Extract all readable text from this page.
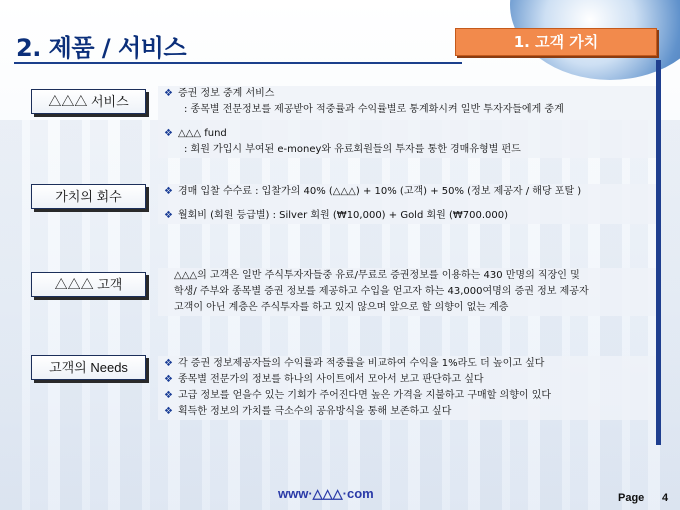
2. 제품 / 서비스	1. 고객 가치
△△△ 서비스
❖ 증권 정보 중계 서비스
: 종목별 전문정보를 제공받아 적중률과 수익률별로 통계화시켜 일반 투자자들에게 중계
❖ △△△ fund
: 회원 가입시 부여된 e-money와 유료회원들의 투자를 통한 경매유형별 펀드
가치의 회수	❖ 경매 입찰 수수료 : 입찰가의 40% (△△△) + 10% (고객) + 50% (정보 제공자 / 해당 포탈 )
❖ 월회비 (회원 등급별) : Silver 회원 (₩10,000) + Gold 회원 (₩700.000)
△△△ 고객
△△△의 고객은 일반 주식투자자들중 유료/무료로 증권정보를 이용하는 430 만명의 직장인 및
학생/ 주부와 종목별 증권 정보를 제공하고 수입을 얻고자 하는 43,000여명의 증권 정보 제공자
고객이 아닌 계층은 주식투자를 하고 있지 않으며 앞으로 할 의향이 없는 계층
고객의 Needs	❖ 각 증권 정보제공자들의 수익률과 적중률을 비교하여 수익을 1%라도 더 높이고 싶다
❖ 종목별 전문가의 정보를 하나의 사이트에서 모아서 보고 판단하고 싶다
❖ 고급 정보를 얻을수 있는 기회가 주어진다면 높은 가격을 지불하고 구매할 의향이 있다
❖ 획득한 정보의 가치를 극소수의 공유방식을 통해 보존하고 싶다
www·△△△·com	Page 4
